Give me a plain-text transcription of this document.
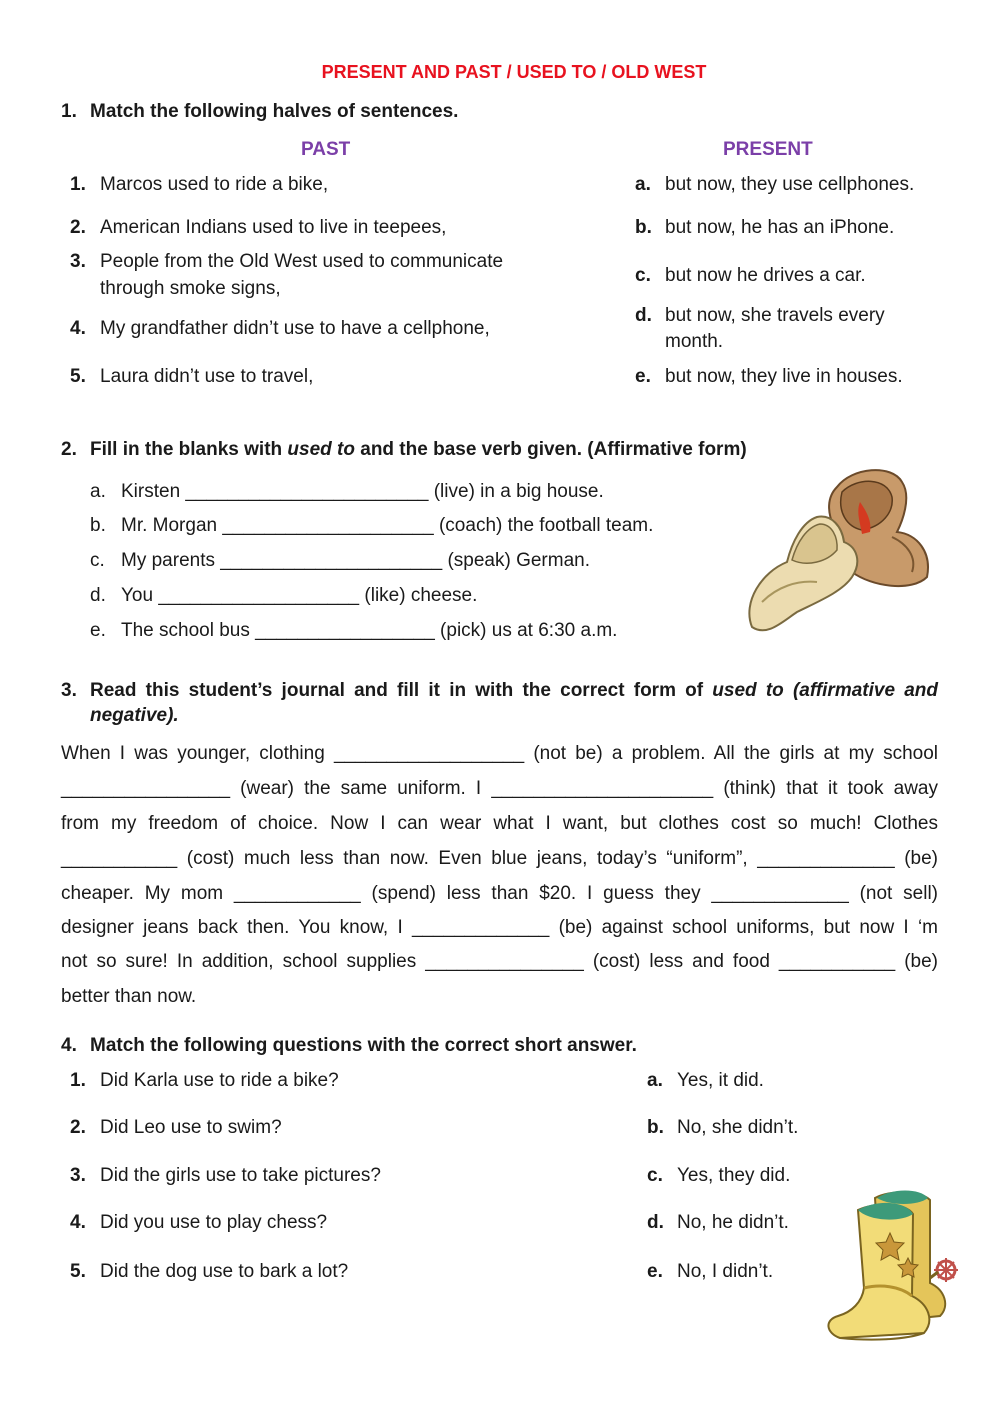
PRESENT AND PAST / USED TO / OLD WEST
1. Match the following halves of sentences.
PAST	PRESENT
1. Marcos used to ride a bike,
2. American Indians used to live in teepees,
3. People from the Old West used to communicate
through smoke signs,
4. My grandfather didn’t use to have a cellphone,
5. Laura didn’t use to travel,
a. but now, they use cellphones.
b. but now, he has an iPhone.
c. but now he drives a car.
d. but now, she travels every
month.
e. but now, they live in houses.
2. Fill in the blanks with used to and the base verb given. (Affirmative form)
a. Kirsten _______________________ (live) in a big house.
b. Mr. Morgan ____________________ (coach) the football team.
c. My parents _____________________ (speak) German.
d. You ___________________ (like) cheese.
e. The school bus _________________ (pick) us at 6:30 a.m.
3. Read this student’s journal and fill it in with the correct form of used to (affirmative and
negative).
When I was younger, clothing __________________ (not be) a problem. All the girls at my school
________________ (wear) the same uniform. I _____________________ (think) that it took away
from my freedom of choice. Now I can wear what I want, but clothes cost so much! Clothes
___________ (cost) much less than now. Even blue jeans, today’s “uniform”, _____________ (be)
cheaper. My mom ____________ (spend) less than $20. I guess they _____________ (not sell)
designer jeans back then. You know, I _____________ (be) against school uniforms, but now I ‘m
not so sure! In addition, school supplies _______________ (cost) less and food ___________ (be)
better than now.
4. Match the following questions with the correct short answer.
1. Did Karla use to ride a bike?
2. Did Leo use to swim?
3. Did the girls use to take pictures?
4. Did you use to play chess?
5. Did the dog use to bark a lot?
a. Yes, it did.
b. No, she didn’t.
c. Yes, they did.
d. No, he didn’t.
e. No, I didn’t.
